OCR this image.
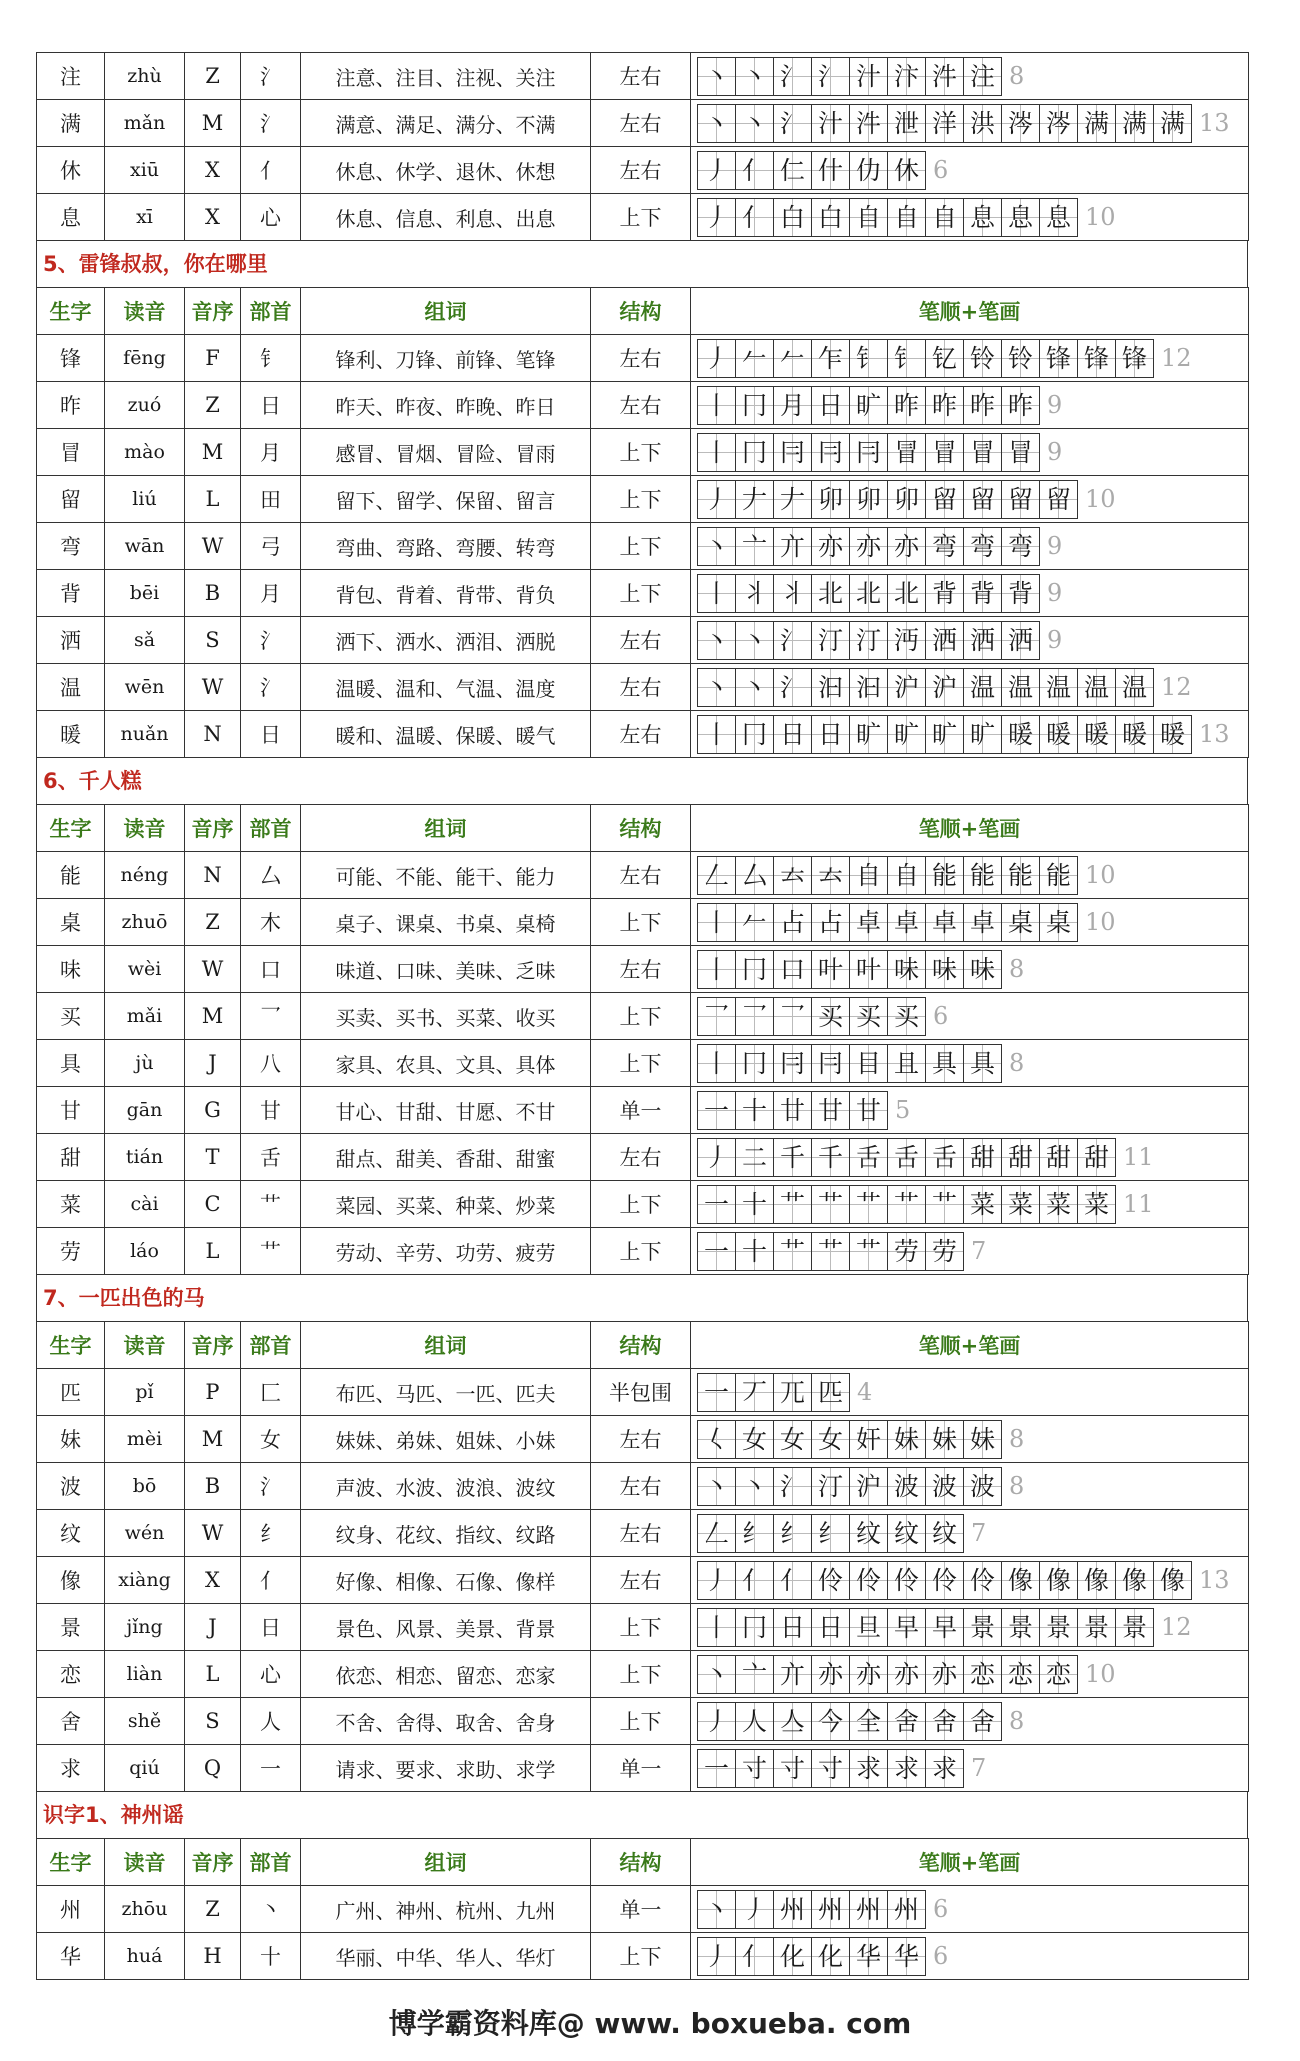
注	zhù	Z	氵	注意、注目、注视、关注	左右	丶 丶 氵 氵 汁 汴 汼 注 8
满	mǎn	M	氵	满意、满足、满分、不满	左右	丶 丶 氵 汁 汼 泄 洋 洪 涔 涔 满 满 满 13
休	xiū	X	亻	休息、休学、退休、休想	左右	丿 亻 仁 什 仂 休 6
息	xī	X	心	休息、信息、利息、出息	上下	丿 亻 白 白 自 自 自 息 息 息 10
5、雷锋叔叔，你在哪里
生字	读音	音序	部首	组词	结构	笔顺+笔画
锋	fēng	F	钅	锋利、刀锋、前锋、笔锋	左右	丿 𠂉 𠂉 乍 钅 钅 钇 铃 铃 锋 锋 锋 12
昨	zuó	Z	日	昨天、昨夜、昨晚、昨日	左右	丨 冂 月 日 旷 昨 昨 昨 昨 9
冒	mào	M	月	感冒、冒烟、冒险、冒雨	上下	丨 冂 冃 冃 冃 冒 冒 冒 冒 9
留	liú	L	田	留下、留学、保留、留言	上下	丿 𠂇 𠂇 卯 卯 卯 留 留 留 留 10
弯	wān	W	弓	弯曲、弯路、弯腰、转弯	上下	丶 亠 亣 亦 亦 亦 弯 弯 弯 9
背	bēi	B	月	背包、背着、背带、背负	上下	丨 丬 丬 北 北 北 背 背 背 9
洒	sǎ	S	氵	洒下、洒水、洒泪、洒脱	左右	丶 丶 氵 汀 汀 沔 洒 洒 洒 9
温	wēn	W	氵	温暖、温和、气温、温度	左右	丶 丶 氵 汩 汩 沪 沪 温 温 温 温 温 12
暖	nuǎn	N	日	暖和、温暖、保暖、暖气	左右	丨 冂 日 日 旷 旷 旷 旷 暖 暖 暖 暖 暖 13
6、千人糕
生字	读音	音序	部首	组词	结构	笔顺+笔画
能	néng	N	厶	可能、不能、能干、能力	左右	𠃋 厶 𠫓 𠫓 自 自 能 能 能 能 10
桌	zhuō	Z	木	桌子、课桌、书桌、桌椅	上下	丨 𠂉 占 占 卓 卓 卓 卓 桌 桌 10
味	wèi	W	口	味道、口味、美味、乏味	左右	丨 冂 口 叶 叶 味 味 味 8
买	mǎi	M	乛	买卖、买书、买菜、收买	上下	乛 乛 乛 买 买 买 6
具	jù	J	八	家具、农具、文具、具体	上下	丨 冂 冃 冃 目 且 具 具 8
甘	gān	G	甘	甘心、甘甜、甘愿、不甘	单一	一 十 廿 甘 甘 5
甜	tián	T	舌	甜点、甜美、香甜、甜蜜	左右	丿 二 千 千 舌 舌 舌 甜 甜 甜 甜 11
菜	cài	C	艹	菜园、买菜、种菜、炒菜	上下	一 十 艹 艹 艹 艹 艹 菜 菜 菜 菜 11
劳	láo	L	艹	劳动、辛劳、功劳、疲劳	上下	一 十 艹 艹 艹 劳 劳 7
7、一匹出色的马
生字	读音	音序	部首	组词	结构	笔顺+笔画
匹	pǐ	P	匚	布匹、马匹、一匹、匹夫	半包围	一 丆 兀 匹 4
妹	mèi	M	女	妹妹、弟妹、姐妹、小妹	左右	𡿨 女 女 女 奸 妹 妹 妹 8
波	bō	B	氵	声波、水波、波浪、波纹	左右	丶 丶 氵 汀 沪 波 波 波 8
纹	wén	W	纟	纹身、花纹、指纹、纹路	左右	𠃋 纟 纟 纟 纹 纹 纹 7
像	xiàng	X	亻	好像、相像、石像、像样	左右	丿 亻 亻 伶 伶 伶 伶 伶 像 像 像 像 像 13
景	jǐng	J	日	景色、风景、美景、背景	上下	丨 冂 日 日 旦 早 早 景 景 景 景 景 12
恋	liàn	L	心	依恋、相恋、留恋、恋家	上下	丶 亠 亣 亦 亦 亦 亦 恋 恋 恋 10
舍	shě	S	人	不舍、舍得、取舍、舍身	上下	丿 人 亼 今 全 舍 舍 舍 8
求	qiú	Q	一	请求、要求、求助、求学	单一	一 寸 寸 寸 求 求 求 7
识字1、神州谣
生字	读音	音序	部首	组词	结构	笔顺+笔画
州	zhōu	Z	丶	广州、神州、杭州、九州	单一	丶 丿 州 州 州 州 6
华	huá	H	十	华丽、中华、华人、华灯	上下	丿 亻 化 化 华 华 6
博学霸资料库@ www. boxueba. com
